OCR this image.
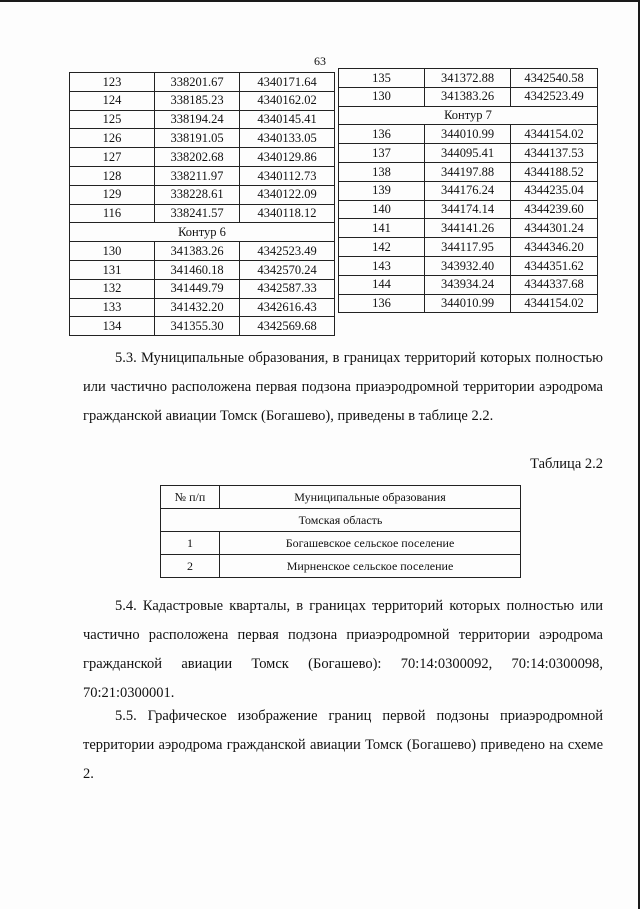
63
123	338201.67	4340171.64
124	338185.23	4340162.02
125	338194.24	4340145.41
126	338191.05	4340133.05
127	338202.68	4340129.86
128	338211.97	4340112.73
129	338228.61	4340122.09
116	338241.57	4340118.12
Контур 6		
130	341383.26	4342523.49
131	341460.18	4342570.24
132	341449.79	4342587.33
133	341432.20	4342616.43
134	341355.30	4342569.68
135	341372.88	4342540.58
130	341383.26	4342523.49
Контур 7		
136	344010.99	4344154.02
137	344095.41	4344137.53
138	344197.88	4344188.52
139	344176.24	4344235.04
140	344174.14	4344239.60
141	344141.26	4344301.24
142	344117.95	4344346.20
143	343932.40	4344351.62
144	343934.24	4344337.68
136	344010.99	4344154.02
5.3. Муниципальные образования, в границах территорий которых полностью или частично расположена первая подзона приаэродромной территории аэродрома гражданской авиации Томск (Богашево), приведены в таблице 2.2.
Таблица 2.2
№ п/п	Муниципальные образования
Томская область	
1	Богашевское сельское поселение
2	Мирненское сельское поселение
5.4. Кадастровые кварталы, в границах территорий которых полностью или частично расположена первая подзона приаэродромной территории аэродрома гражданской авиации Томск (Богашево): 70:14:0300092, 70:14:0300098, 70:21:0300001.
5.5. Графическое изображение границ первой подзоны приаэродромной территории аэродрома гражданской авиации Томск (Богашево) приведено на схеме 2.
